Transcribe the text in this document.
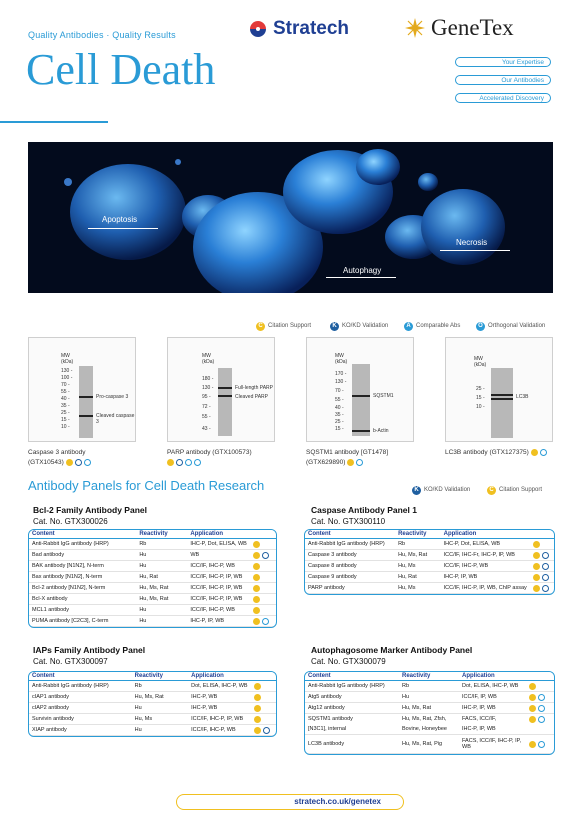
Quality Antibodies · Quality Results
Cell Death
Stratech	GeneTex
Your Expertise
Our Antibodies
Accelerated Discovery
Apoptosis
Autophagy
Necrosis
C Citation Support	K KO/KD Validation	A Comparable Abs	O Orthogonal Validation
MW
(kDa)
130 -
100 -
70 -
55 -
40 -
35 -
25 -
15 -
10 -
Pro-caspase 3
Cleaved caspase 3
MW
(kDa)
180 -
130 -
95 -
72 -
55 -
43 -
Full-length PARP
Cleaved PARP
MW
(kDa)
170 -
130 -
70 -
55 -
40 -
35 -
25 -
15 -
SQSTM1
b-Actin
MW
(kDa)
25 -
15 -
10 -
LC3B
Caspase 3 antibody
(GTX10543)
PARP antibody (GTX100573)	SQSTM1 antibody [GT1478]
(GTX629890)
LC3B antibody (GTX127375)
Antibody Panels for Cell Death Research	K KO/KD Validation	C Citation Support
Bcl-2 Family Antibody Panel
Cat. No. GTX300026
Content	Reactivity	Application	
Anti-Rabbit IgG antibody (HRP)	Rb	IHC-P, Dot, ELISA, WB	

Bad antibody	Hu	WB	

BAK antibody [N1N2], N-term	Hu	ICC/IF, IHC-P, WB	

Bax antibody [N1N2], N-term	Hu, Rat	ICC/IF, IHC-P, IP, WB	

Bcl-2 antibody [N1N2], N-term	Hu, Ms, Rat	ICC/IF, IHC-P, IP, WB	

Bcl-X antibody	Hu, Ms, Rat	ICC/IF, IHC-P, IP, WB	

MCL1 antibody	Hu	ICC/IF, IHC-P, WB	

PUMA antibody [C2C3], C-term	Hu	IHC-P, IP, WB	
Caspase Antibody Panel 1
Cat. No. GTX300110
Content	Reactivity	Application	
Anti-Rabbit IgG antibody (HRP)	Rb	IHC-P, Dot, ELISA, WB	

Caspase 3 antibody	Hu, Ms, Rat	ICC/IF, IHC-Fr, IHC-P, IP, WB	

Caspase 8 antibody	Hu, Ms	ICC/IF, IHC-P, WB	

Caspase 9 antibody	Hu, Rat	IHC-P, IP, WB	

PARP antibody	Hu, Ms	ICC/IF, IHC-P, IP, WB, ChIP assay	
IAPs Family Antibody Panel
Cat. No. GTX300097
Content	Reactivity	Application	
Anti-Rabbit IgG antibody (HRP)	Rb	Dot, ELISA, IHC-P, WB	

cIAP1 antibody	Hu, Ms, Rat	IHC-P, WB	

cIAP2 antibody	Hu	IHC-P, WB	

Survivin antibody	Hu, Ms	ICC/IF, IHC-P, IP, WB	

XIAP antibody	Hu	ICC/IF, IHC-P, WB	
Autophagosome Marker Antibody Panel
Cat. No. GTX300079
Content	Reactivity	Application	
Anti-Rabbit IgG antibody (HRP)	Rb	Dot, ELISA, IHC-P, WB	

Atg5 antibody	Hu	ICC/IF, IP, WB	

Atg12 antibody	Hu, Ms, Rat	IHC-P, IP, WB	

SQSTM1 antibody	Hu, Ms, Rat, Zfsh,	FACS, ICC/IF,	

[N3C1], internal	Bovine, Honeybee	IHC-P, IP, WB	
LC3B antibody	Hu, Ms, Rat, Pig	FACS, ICC/IF, IHC-P, IP, WB	
stratech.co.uk/genetex
